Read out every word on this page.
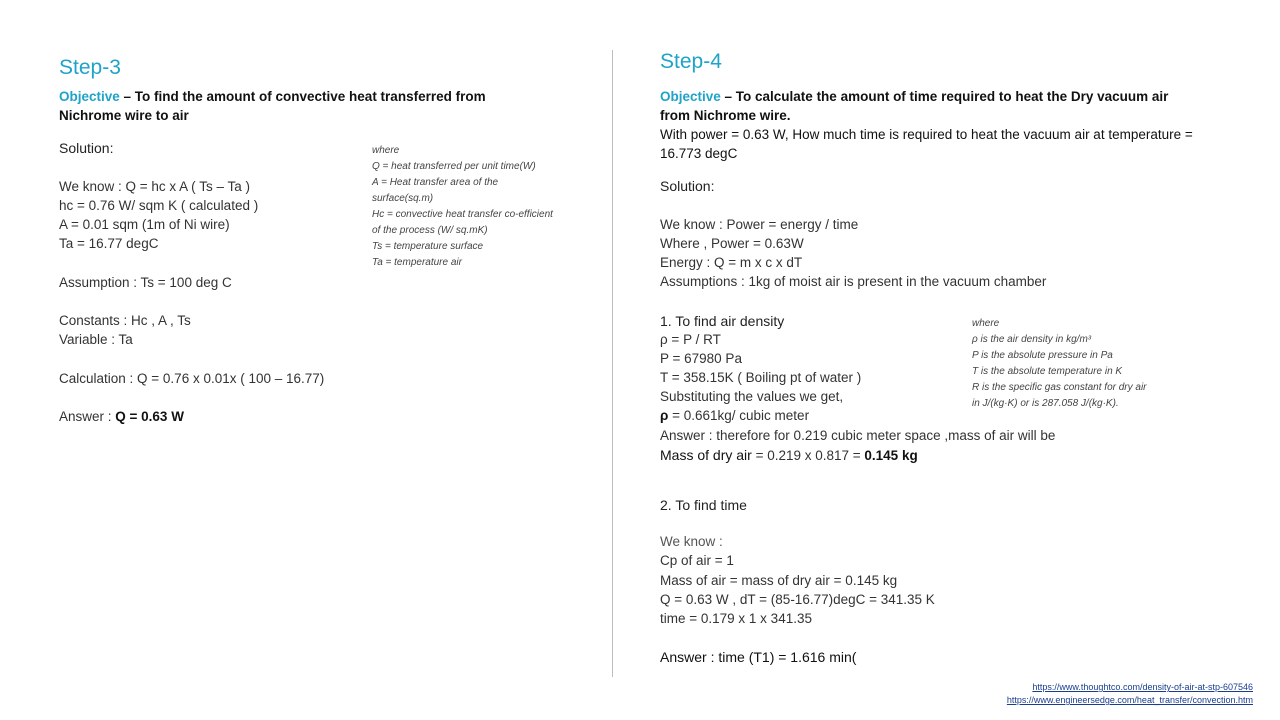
Step-3
Objective – To find the amount of convective heat transferred from Nichrome wire to air
Solution:
We know : Q = hc x A ( Ts – Ta )
hc = 0.76 W/ sqm K ( calculated )
A = 0.01 sqm (1m of Ni wire)
Ta = 16.77 degC
Assumption : Ts = 100 deg C
Constants : Hc , A , Ts
Variable : Ta
Calculation : Q = 0.76 x 0.01x ( 100 – 16.77)
Answer : Q = 0.63 W
where
Q = heat transferred per unit time(W)
A = Heat transfer area of the
surface(sq.m)
Hc = convective heat transfer co-efficient
of the process (W/ sq.mK)
Ts = temperature surface
Ta = temperature air
Step-4
Objective – To calculate the amount of time required to heat the Dry vacuum air from Nichrome wire.
With power = 0.63 W, How much time is required to heat the vacuum air at temperature = 16.773 degC
Solution:
We know : Power = energy / time
Where , Power = 0.63W
Energy : Q = m x c x dT
Assumptions : 1kg of moist air is present in the vacuum chamber
1. To find air density
ρ = P / RT
P = 67980 Pa
T = 358.15K ( Boiling pt of water )
Substituting the values we get,
ρ = 0.661kg/ cubic meter
Answer : therefore for 0.219 cubic meter space ,mass of air will be
Mass of dry air = 0.219 x 0.817 = 0.145 kg
2. To find time
We know :
Cp of air = 1
Mass of air = mass of dry air = 0.145 kg
Q = 0.63 W , dT = (85-16.77)degC = 341.35 K
time = 0.179 x 1 x 341.35
Answer : time (T1) = 1.616 min(
where
ρ is the air density in kg/m³
P is the absolute pressure in Pa
T is the absolute temperature in K
R is the specific gas constant for dry air
in J/(kg·K) or is 287.058 J/(kg·K).
https://www.thoughtco.com/density-of-air-at-stp-607546
https://www.engineersedge.com/heat_transfer/convection.htm
